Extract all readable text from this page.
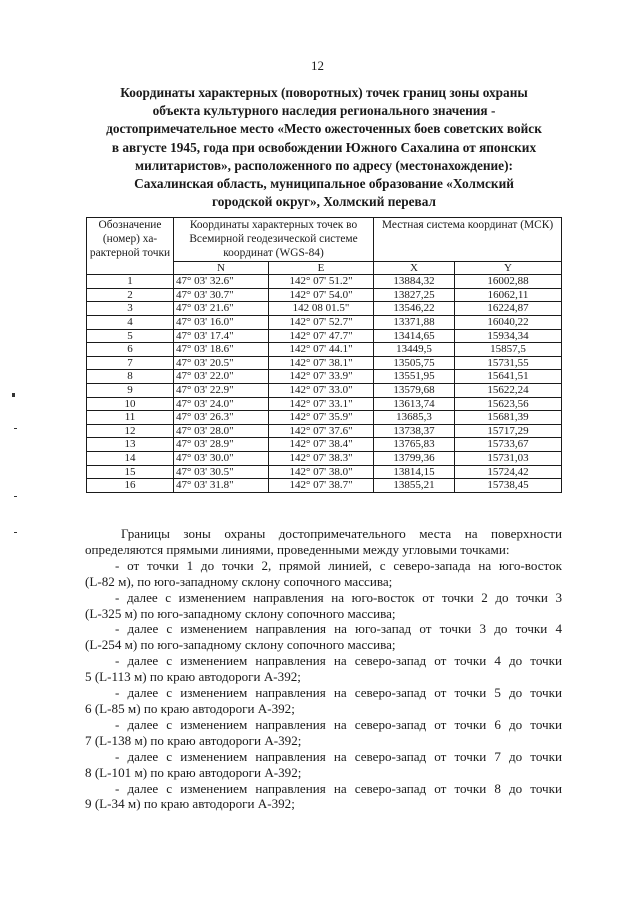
12
Координаты характерных (поворотных) точек границ зоны охраны
объекта культурного наследия регионального значения -
достопримечательное место «Место ожесточенных боев советских войск
в августе 1945, года при освобождении Южного Сахалина от японских
милитаристов», расположенного по адресу (местонахождение):
Сахалинская область, муниципальное образование «Холмский
городской округ», Холмский перевал
Обозначение (номер) ха-рактерной точки	Координаты характерных точек во Всемирной геодезической системе координат (WGS-84)		Местная система координат (МСК)	
	N	E	X	Y
1	47° 03' 32.6"	142° 07' 51.2"	13884,32	16002,88
2	47° 03' 30.7"	142° 07' 54.0"	13827,25	16062,11
3	47° 03' 21.6"	142 08 01.5"	13546,22	16224,87
4	47° 03' 16.0"	142° 07' 52.7"	13371,88	16040,22
5	47° 03' 17.4"	142° 07' 47.7"	13414,65	15934,34
6	47° 03' 18.6"	142° 07' 44.1"	13449,5	15857,5
7	47° 03' 20.5"	142° 07' 38.1"	13505,75	15731,55
8	47° 03' 22.0"	142° 07' 33.9"	13551,95	15641,51
9	47° 03' 22.9"	142° 07' 33.0"	13579,68	15622,24
10	47° 03' 24.0"	142° 07' 33.1"	13613,74	15623,56
11	47° 03' 26.3"	142° 07' 35.9"	13685,3	15681,39
12	47° 03' 28.0"	142° 07' 37.6"	13738,37	15717,29
13	47° 03' 28.9"	142° 07' 38.4"	13765,83	15733,67
14	47° 03' 30.0"	142° 07' 38.3"	13799,36	15731,03
15	47° 03' 30.5"	142° 07' 38.0"	13814,15	15724,42
16	47° 03' 31.8"	142° 07' 38.7"	13855,21	15738,45
Границы зоны охраны достопримечательного места на поверхности
определяются прямыми линиями, проведенными между угловыми точками:
- от точки 1 до точки 2, прямой линией, с северо-запада на юго-восток
(L-82 м), по юго-западному склону сопочного массива;
- далее с изменением направления на юго-восток от точки 2 до точки 3
(L-325 м) по юго-западному склону сопочного массива;
- далее с изменением направления на юго-запад от точки 3 до точки 4
(L-254 м) по юго-западному склону сопочного массива;
- далее с изменением направления на северо-запад от точки 4 до точки
5 (L-113 м) по краю автодороги А-392;
- далее с изменением направления на северо-запад от точки 5 до точки
6 (L-85 м) по краю автодороги А-392;
- далее с изменением направления на северо-запад от точки 6 до точки
7 (L-138 м) по краю автодороги А-392;
- далее с изменением направления на северо-запад от точки 7 до точки
8 (L-101 м) по краю автодороги А-392;
- далее с изменением направления на северо-запад от точки 8 до точки
9 (L-34 м) по краю автодороги А-392;
